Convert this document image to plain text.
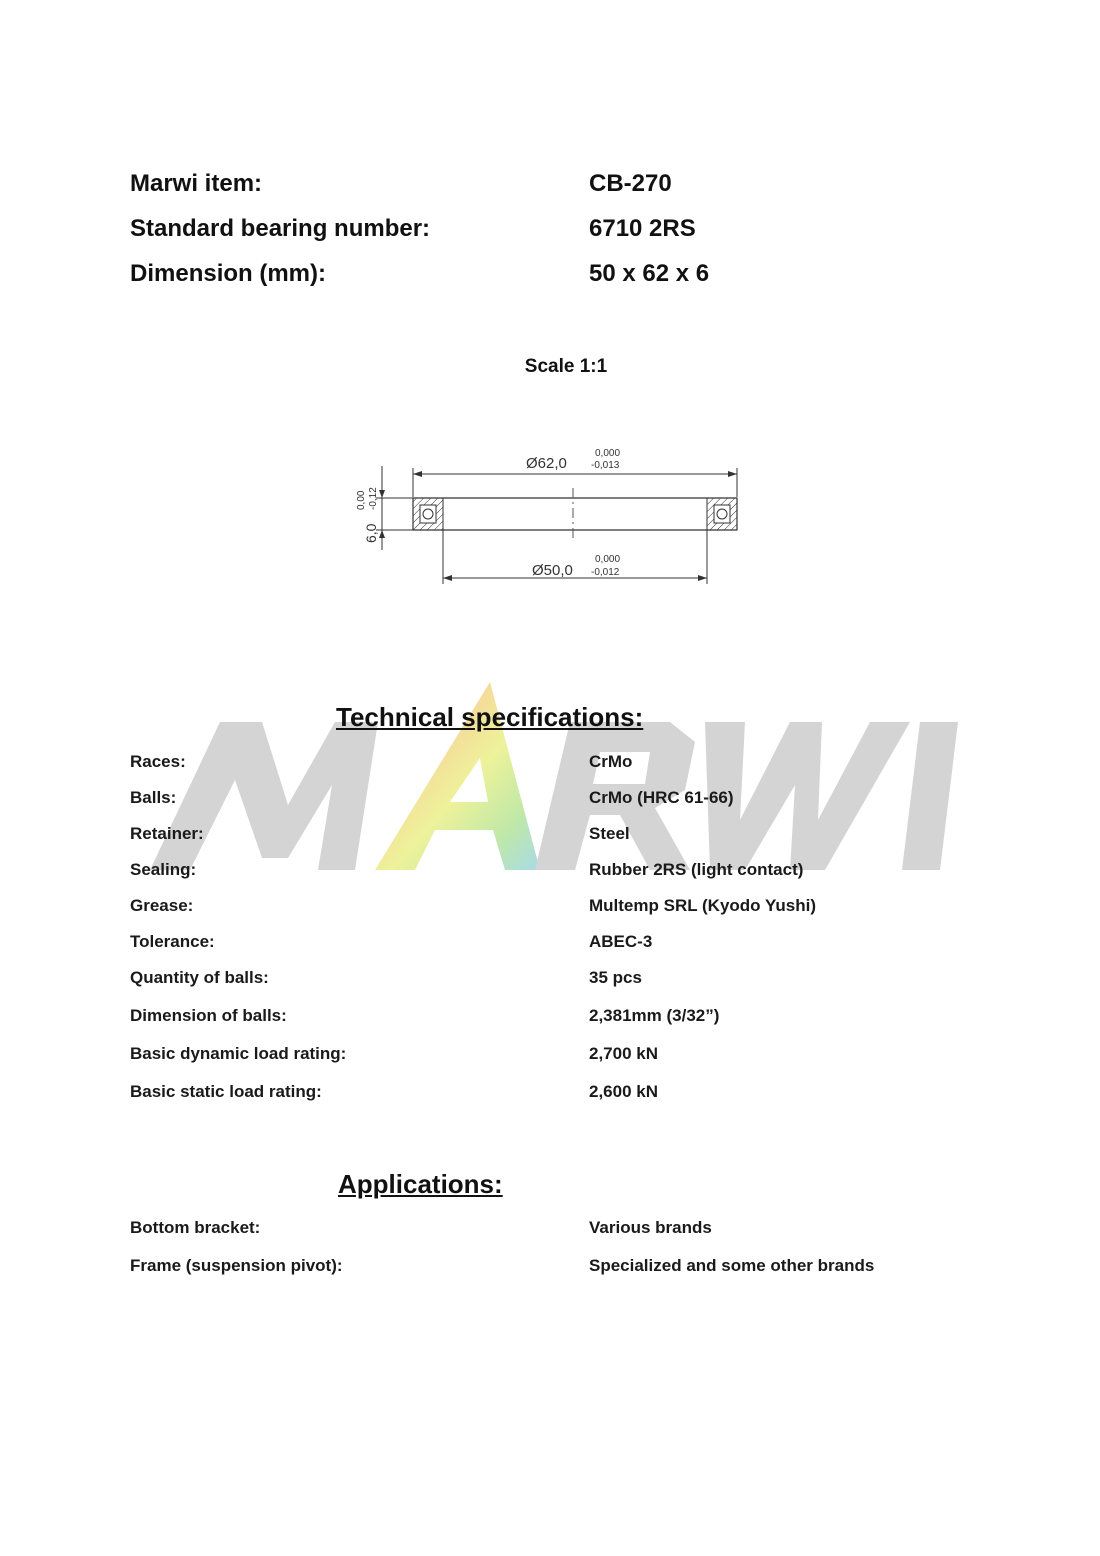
Marwi item:	CB-270
Standard bearing number:	6710 2RS
Dimension (mm):	50 x 62 x 6
Scale 1:1
Ø62,0
0,000
-0,013
Ø50,0
0,000
-0,012
6,0
0,00 -0,12
MARWI
Technical specifications:
Races:	CrMo
Balls:	CrMo (HRC 61-66)
Retainer:	Steel
Sealing:	Rubber 2RS (light contact)
Grease:	Multemp SRL (Kyodo Yushi)
Tolerance:	ABEC-3
Quantity of balls:	35 pcs
Dimension of balls:	2,381mm (3/32”)
Basic dynamic load rating:	2,700 kN
Basic static load rating:	2,600 kN
Applications:
Bottom bracket:	Various brands
Frame (suspension pivot):	Specialized and some other brands
